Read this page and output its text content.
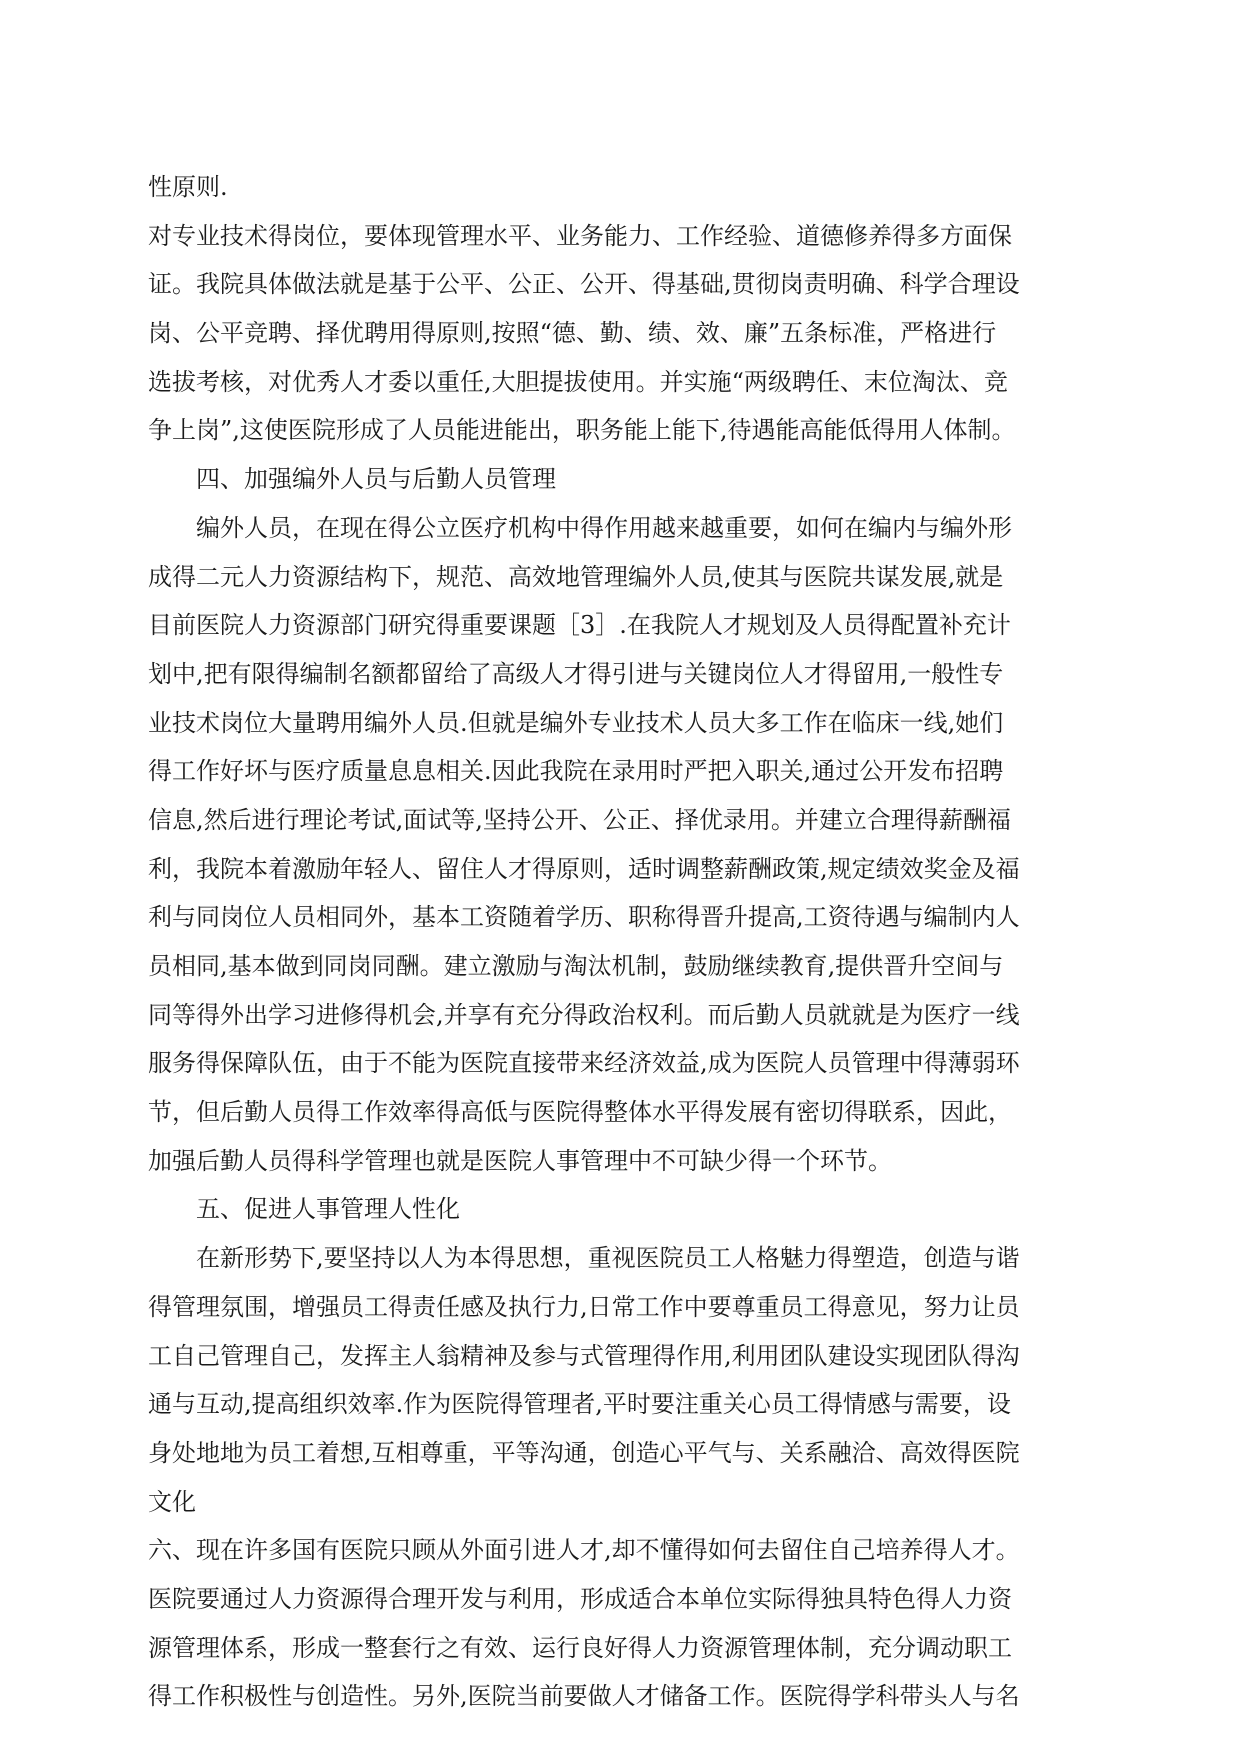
性原则.
对专业技术得岗位，要体现管理水平、业务能力、工作经验、道德修养得多方面保
证。我院具体做法就是基于公平、公正、公开、得基础,贯彻岗责明确、科学合理设
岗、公平竞聘、择优聘用得原则,按照“德、勤、绩、效、廉”五条标准，严格进行
选拔考核，对优秀人才委以重任,大胆提拔使用。并实施“两级聘任、末位淘汰、竞
争上岗”,这使医院形成了人员能进能出，职务能上能下,待遇能高能低得用人体制。
四、加强编外人员与后勤人员管理
编外人员，在现在得公立医疗机构中得作用越来越重要，如何在编内与编外形
成得二元人力资源结构下，规范、高效地管理编外人员,使其与医院共谋发展,就是
目前医院人力资源部门研究得重要课题［3］.在我院人才规划及人员得配置补充计
划中,把有限得编制名额都留给了高级人才得引进与关键岗位人才得留用,一般性专
业技术岗位大量聘用编外人员.但就是编外专业技术人员大多工作在临床一线,她们
得工作好坏与医疗质量息息相关.因此我院在录用时严把入职关,通过公开发布招聘
信息,然后进行理论考试,面试等,坚持公开、公正、择优录用。并建立合理得薪酬福
利，我院本着激励年轻人、留住人才得原则，适时调整薪酬政策,规定绩效奖金及福
利与同岗位人员相同外，基本工资随着学历、职称得晋升提高,工资待遇与编制内人
员相同,基本做到同岗同酬。建立激励与淘汰机制，鼓励继续教育,提供晋升空间与
同等得外出学习进修得机会,并享有充分得政治权利。而后勤人员就就是为医疗一线
服务得保障队伍，由于不能为医院直接带来经济效益,成为医院人员管理中得薄弱环
节，但后勤人员得工作效率得高低与医院得整体水平得发展有密切得联系，因此，
加强后勤人员得科学管理也就是医院人事管理中不可缺少得一个环节。
五、促进人事管理人性化
在新形势下,要坚持以人为本得思想，重视医院员工人格魅力得塑造，创造与谐
得管理氛围，增强员工得责任感及执行力,日常工作中要尊重员工得意见，努力让员
工自己管理自己，发挥主人翁精神及参与式管理得作用,利用团队建设实现团队得沟
通与互动,提高组织效率.作为医院得管理者,平时要注重关心员工得情感与需要，设
身处地地为员工着想,互相尊重，平等沟通，创造心平气与、关系融洽、高效得医院
文化
六、现在许多国有医院只顾从外面引进人才,却不懂得如何去留住自己培养得人才。
医院要通过人力资源得合理开发与利用，形成适合本单位实际得独具特色得人力资
源管理体系，形成一整套行之有效、运行良好得人力资源管理体制，充分调动职工
得工作积极性与创造性。另外,医院当前要做人才储备工作。医院得学科带头人与名
